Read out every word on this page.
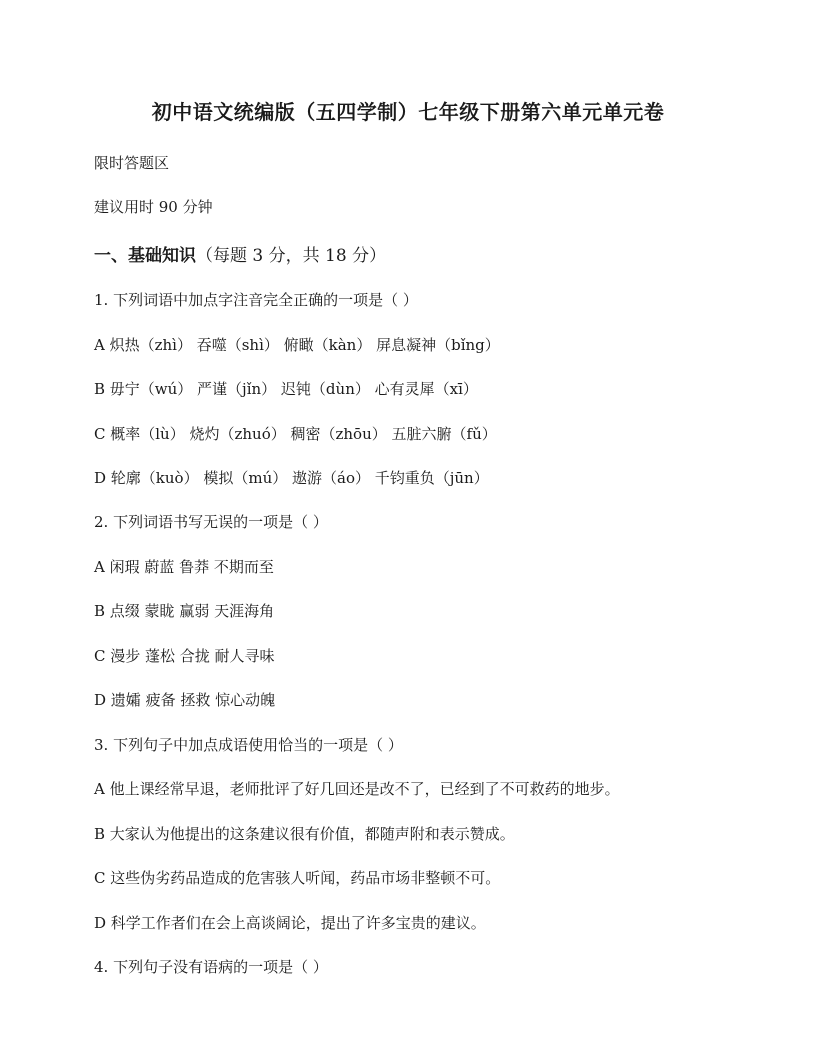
初中语文统编版（五四学制）七年级下册第六单元单元卷
限时答题区
建议用时 90 分钟
一、基础知识（每题 3 分，共 18 分）
1. 下列词语中加点字注音完全正确的一项是（ ）
A 炽热（zhì） 吞噬（shì） 俯瞰（kàn） 屏息凝神（bǐng）
B 毋宁（wú） 严谨（jǐn） 迟钝（dùn） 心有灵犀（xī）
C 概率（lù） 烧灼（zhuó） 稠密（zhōu） 五脏六腑（fǔ）
D 轮廓（kuò） 模拟（mú） 遨游（áo） 千钧重负（jūn）
2. 下列词语书写无误的一项是（ ）
A 闲瑕 蔚蓝 鲁莽 不期而至
B 点缀 蒙眬 赢弱 天涯海角
C 漫步 蓬松 合拢 耐人寻味
D 遗孀 疲备 拯救 惊心动魄
3. 下列句子中加点成语使用恰当的一项是（ ）
A 他上课经常早退，老师批评了好几回还是改不了，已经到了不可救药的地步。
B 大家认为他提出的这条建议很有价值，都随声附和表示赞成。
C 这些伪劣药品造成的危害骇人听闻，药品市场非整顿不可。
D 科学工作者们在会上高谈阔论，提出了许多宝贵的建议。
4. 下列句子没有语病的一项是（ ）
